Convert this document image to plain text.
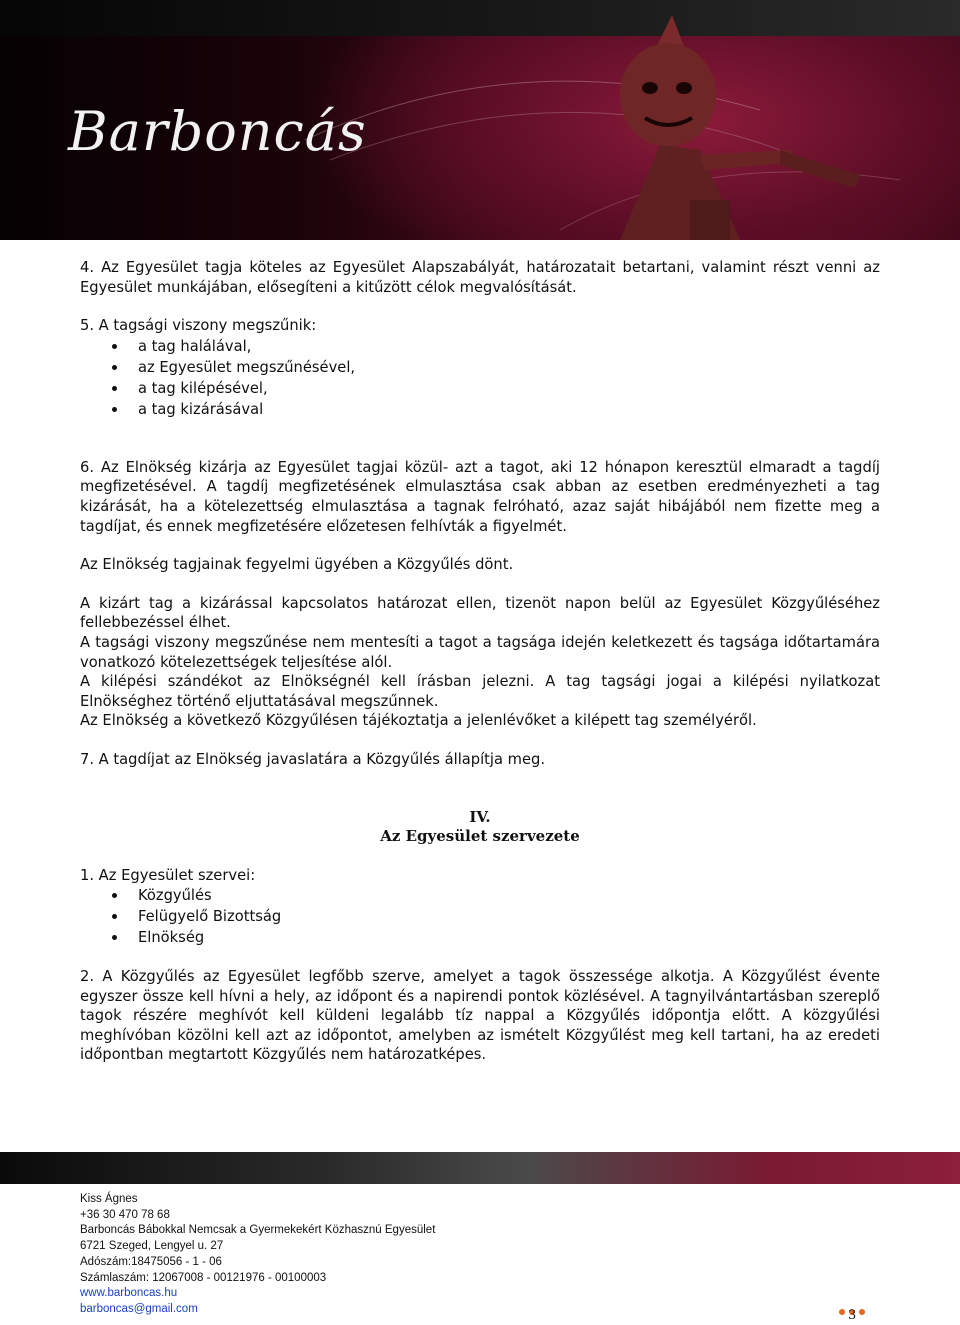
Barboncás

4. Az Egyesület tagja köteles az Egyesület Alapszabályát, határozatait betartani, valamint részt venni az Egyesület munkájában, elősegíteni a kitűzött célok megvalósítását.

5. A tagsági viszony megszűnik:

a tag halálával,
az Egyesület megszűnésével,
a tag kilépésével,
a tag kizárásával

6. Az Elnökség kizárja az Egyesület tagjai közül- azt a tagot, aki 12 hónapon keresztül elmaradt a tagdíj megfizetésével. A tagdíj megfizetésének elmulasztása csak abban az esetben eredményezheti a tag kizárását, ha a kötelezettség elmulasztása a tagnak felróható, azaz saját hibájából nem fizette meg a tagdíjat, és ennek megfizetésére előzetesen felhívták a figyelmét.

Az Elnökség tagjainak fegyelmi ügyében a Közgyűlés dönt.

A kizárt tag a kizárással kapcsolatos határozat ellen, tizenöt napon belül az Egyesület Közgyűléséhez fellebbezéssel élhet.

A tagsági viszony megszűnése nem mentesíti a tagot a tagsága idején keletkezett és tagsága időtartamára vonatkozó kötelezettségek teljesítése alól.

A kilépési szándékot az Elnökségnél kell írásban jelezni. A tag tagsági jogai a kilépési nyilatkozat Elnökséghez történő eljuttatásával megszűnnek.

Az Elnökség a következő Közgyűlésen tájékoztatja a jelenlévőket a kilépett tag személyéről.

7. A tagdíjat az Elnökség javaslatára a Közgyűlés állapítja meg.

IV.
Az Egyesület szervezete

1. Az Egyesület szervei:

Közgyűlés
Felügyelő Bizottság
Elnökség

2. A Közgyűlés az Egyesület legfőbb szerve, amelyet a tagok összessége alkotja. A Közgyűlést évente egyszer össze kell hívni a hely, az időpont és a napirendi pontok közlésével. A tagnyilvántartásban szereplő tagok részére meghívót kell küldeni legalább tíz nappal a Közgyűlés időpontja előtt. A közgyűlési meghívóban közölni kell azt az időpontot, amelyben az ismételt Közgyűlést meg kell tartani, ha az eredeti időpontban megtartott Közgyűlés nem határozatképes.

Kiss Ágnes
+36 30 470 78 68
Barboncás Bábokkal Nemcsak a Gyermekekért Közhasznú Egyesület
6721 Szeged, Lengyel u. 27
Adószám:18475056 - 1 - 06
Számlaszám: 12067008 - 00121976 - 00100003
www.barboncas.hu
barboncas@gmail.com	3
